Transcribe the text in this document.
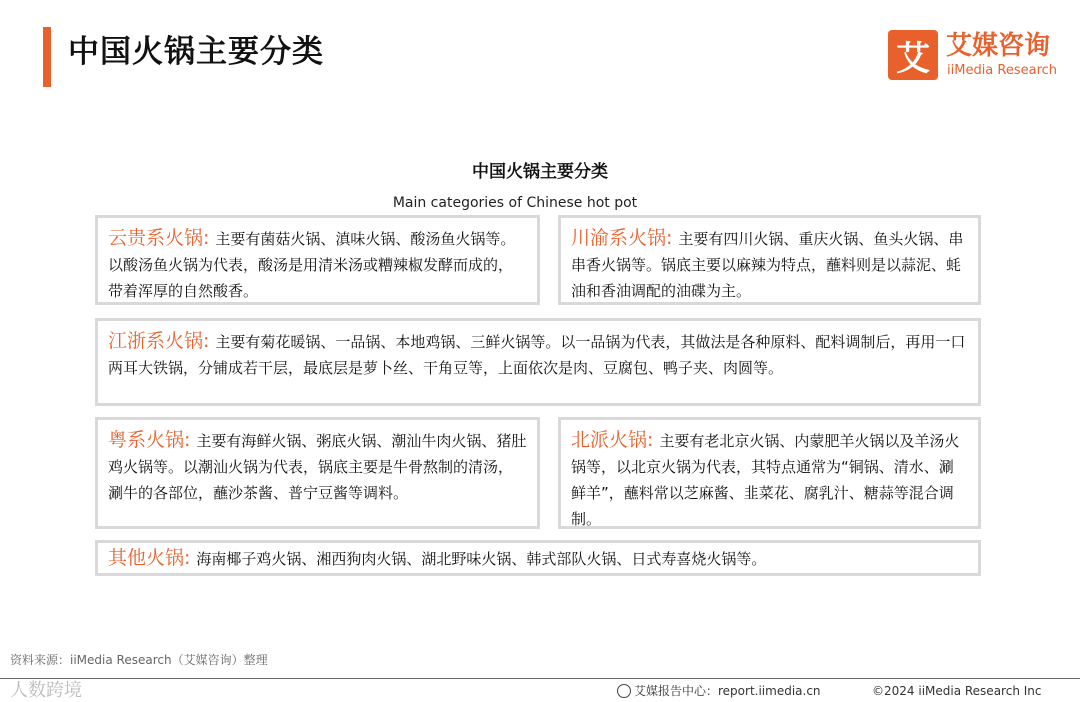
中国火锅主要分类	艾 艾媒咨询
iiMedia Research
中国火锅主要分类
Main categories of Chinese hot pot
云贵系火锅: 主要有菌菇火锅、滇味火锅、酸汤鱼火锅等。以酸汤鱼火锅为代表，酸汤是用清米汤或糟辣椒发酵而成的，带着浑厚的自然酸香。
川渝系火锅: 主要有四川火锅、重庆火锅、鱼头火锅、串串香火锅等。锅底主要以麻辣为特点，蘸料则是以蒜泥、蚝油和香油调配的油碟为主。
江浙系火锅: 主要有菊花暖锅、一品锅、本地鸡锅、三鲜火锅等。以一品锅为代表，其做法是各种原料、配料调制后，再用一口两耳大铁锅，分铺成若干层，最底层是萝卜丝、干角豆等，上面依次是肉、豆腐包、鸭子夹、肉圆等。
粤系火锅: 主要有海鲜火锅、粥底火锅、潮汕牛肉火锅、猪肚鸡火锅等。以潮汕火锅为代表，锅底主要是牛骨熬制的清汤，涮牛的各部位，蘸沙茶酱、普宁豆酱等调料。
北派火锅: 主要有老北京火锅、内蒙肥羊火锅以及羊汤火锅等，以北京火锅为代表，其特点通常为“铜锅、清水、涮鲜羊”，蘸料常以芝麻酱、韭菜花、腐乳汁、糖蒜等混合调制。
其他火锅: 海南椰子鸡火锅、湘西狗肉火锅、湖北野味火锅、韩式部队火锅、日式寿喜烧火锅等。
资料来源：iiMedia Research（艾媒咨询）整理
人数跨境	艾媒报告中心：report.iimedia.cn	©2024 iiMedia Research Inc
